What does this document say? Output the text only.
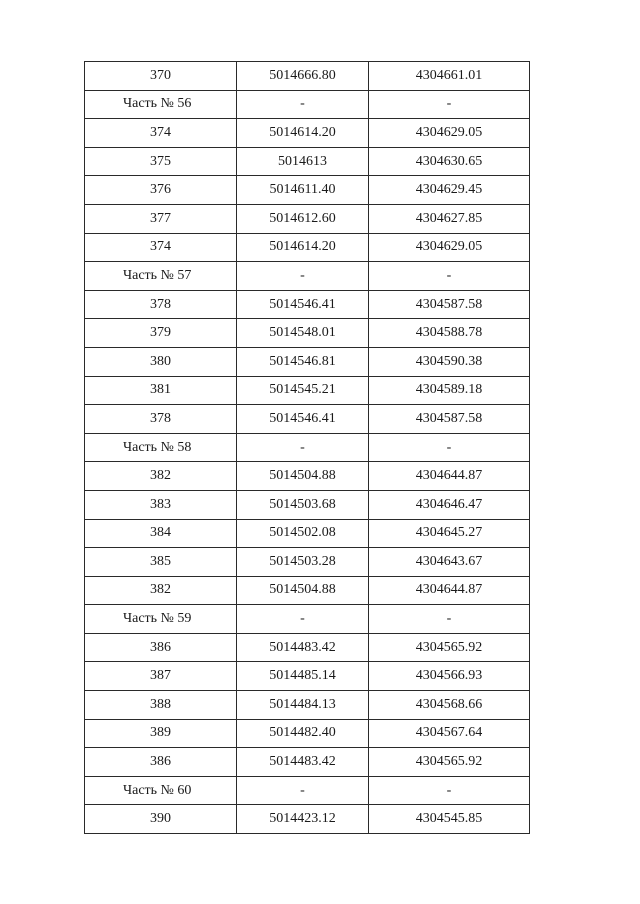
370	5014666.80	4304661.01
Часть № 56	-	-
374	5014614.20	4304629.05
375	5014613	4304630.65
376	5014611.40	4304629.45
377	5014612.60	4304627.85
374	5014614.20	4304629.05
Часть № 57	-	-
378	5014546.41	4304587.58
379	5014548.01	4304588.78
380	5014546.81	4304590.38
381	5014545.21	4304589.18
378	5014546.41	4304587.58
Часть № 58	-	-
382	5014504.88	4304644.87
383	5014503.68	4304646.47
384	5014502.08	4304645.27
385	5014503.28	4304643.67
382	5014504.88	4304644.87
Часть № 59	-	-
386	5014483.42	4304565.92
387	5014485.14	4304566.93
388	5014484.13	4304568.66
389	5014482.40	4304567.64
386	5014483.42	4304565.92
Часть № 60	-	-
390	5014423.12	4304545.85
